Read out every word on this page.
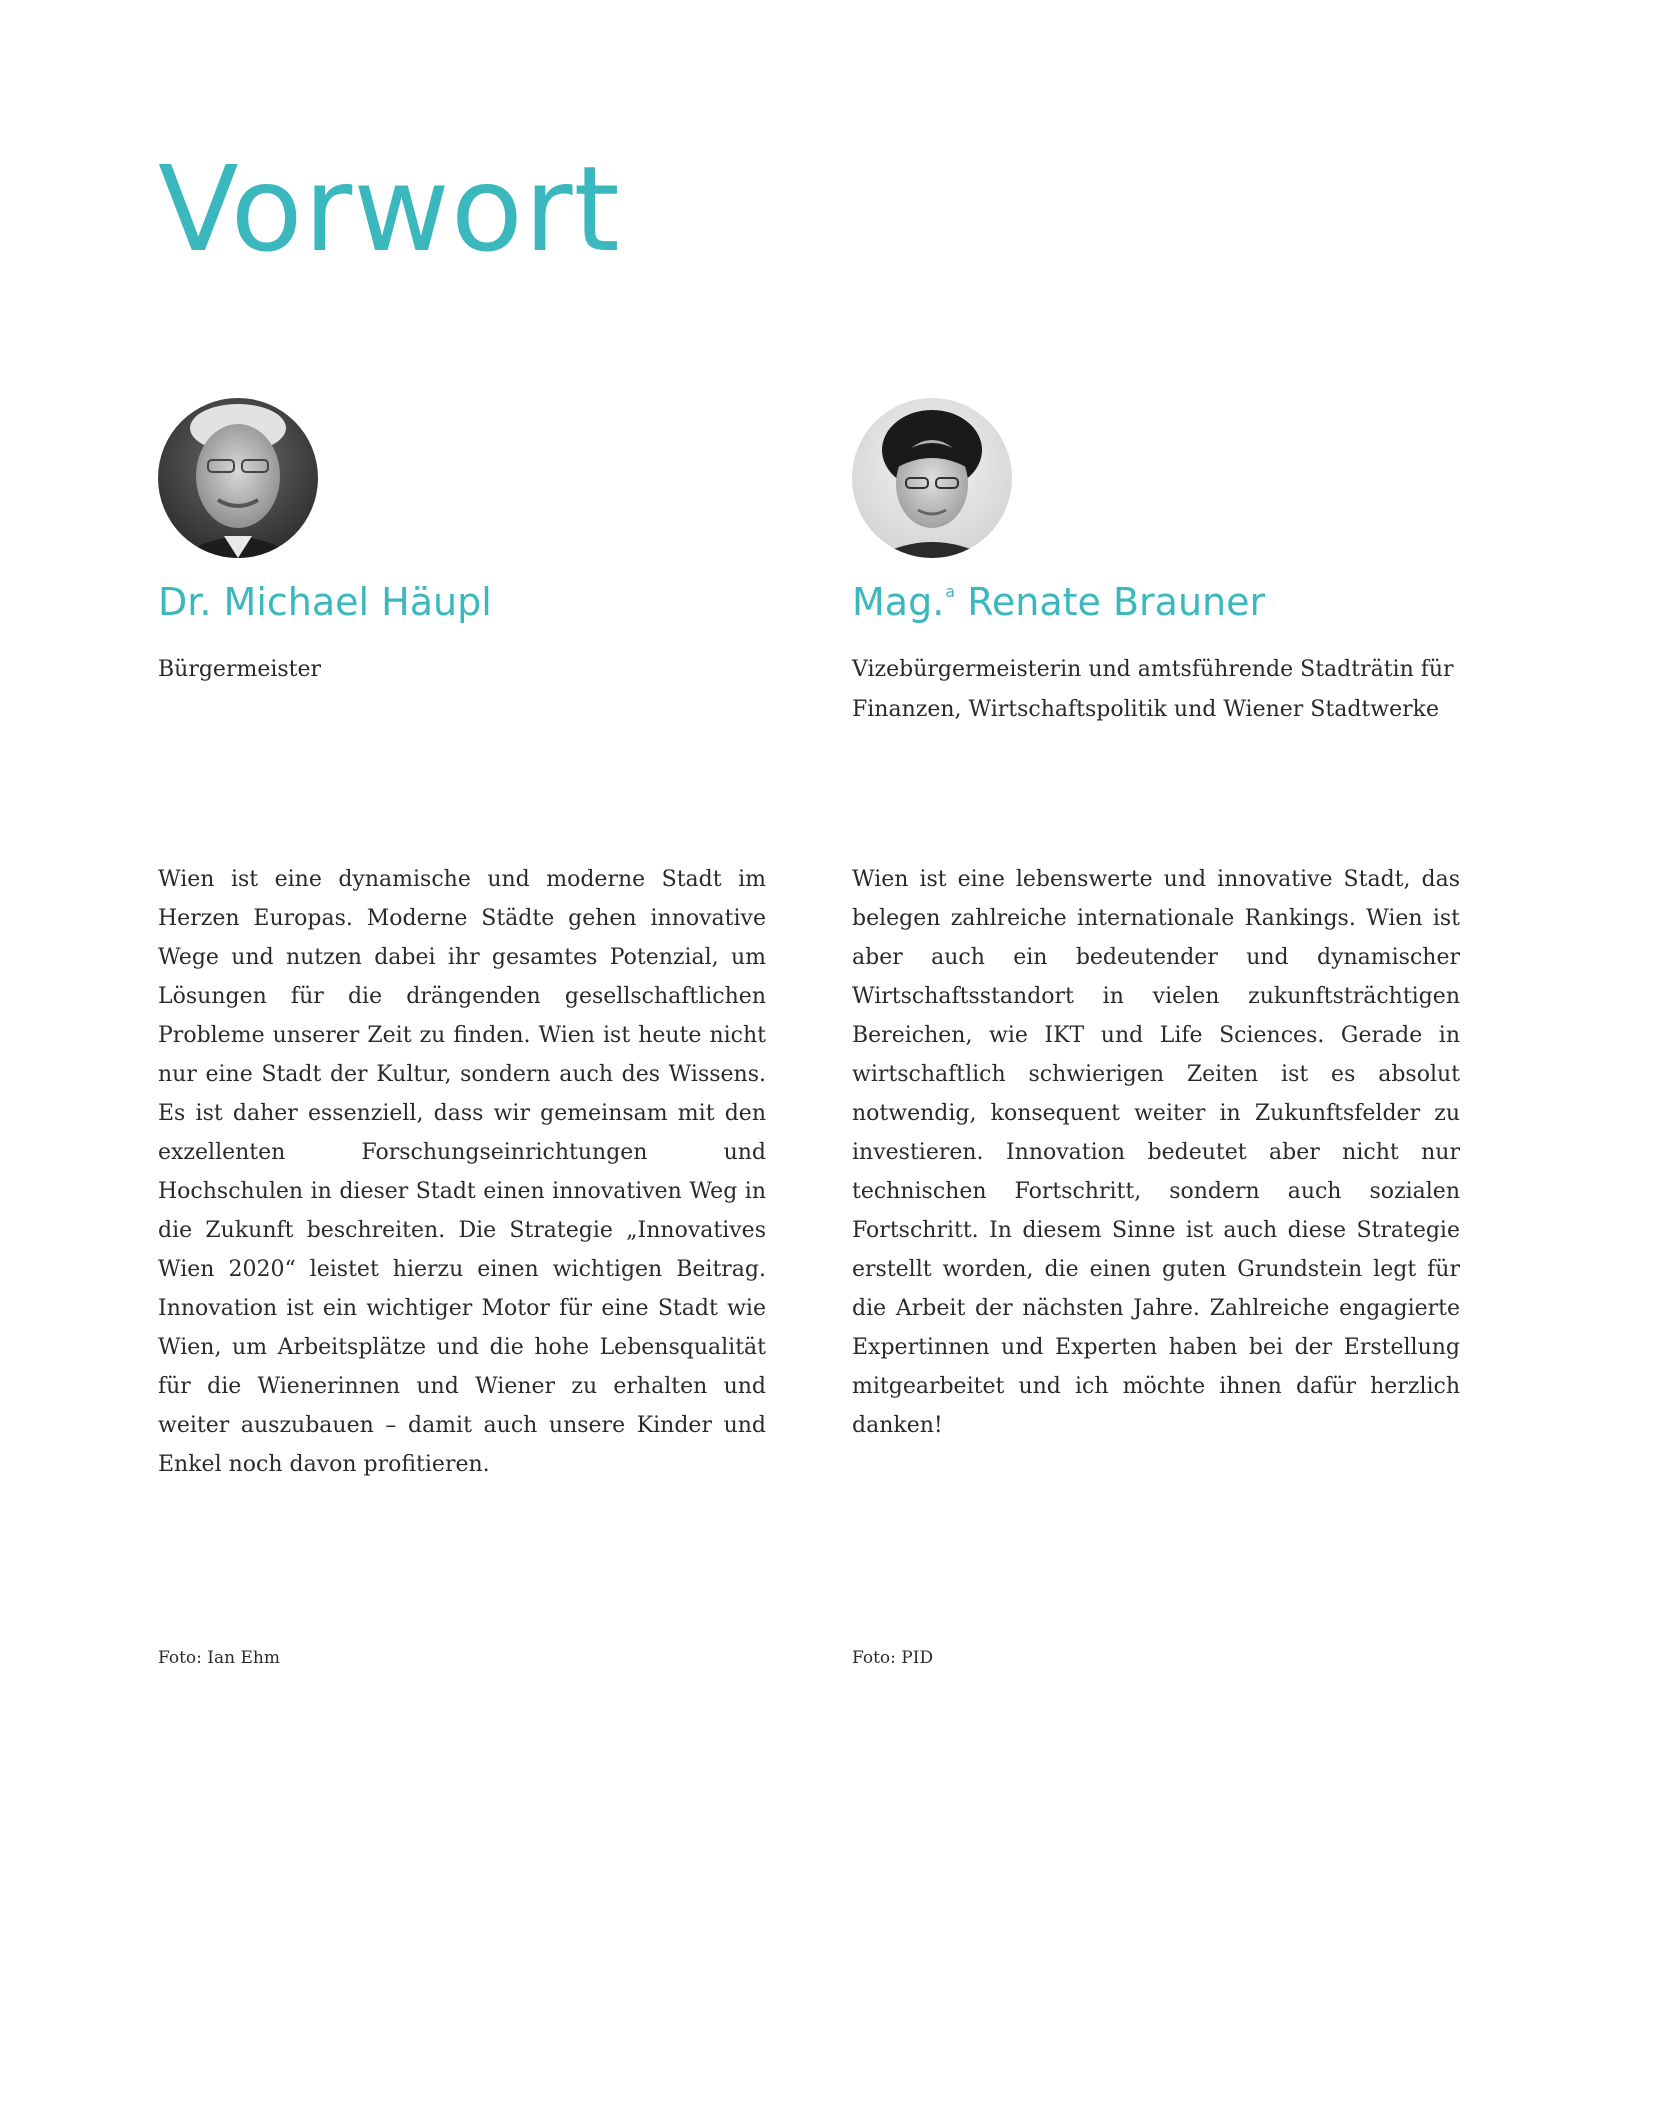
Vorwort
Dr. Michael Häupl

Bürgermeister

Mag.$^a$ Renate Brauner

Vizebürgermeisterin und amtsführende Stadträtin für Finanzen, Wirtschaftspolitik und Wiener Stadtwerke

Wien ist eine dynamische und moderne Stadt im Herzen Europas. Moderne Städte gehen innovative Wege und nutzen dabei ihr gesamtes Potenzial, um Lösungen für die drängenden gesellschaftlichen Probleme unserer Zeit zu finden. Wien ist heute nicht nur eine Stadt der Kultur, sondern auch des Wissens. Es ist daher essenziell, dass wir gemeinsam mit den exzellenten Forschungseinrichtungen und Hochschulen in dieser Stadt einen innovativen Weg in die Zukunft beschreiten. Die Strategie „Innovatives Wien 2020“ leistet hierzu einen wichtigen Beitrag. Innovation ist ein wichtiger Motor für eine Stadt wie Wien, um Arbeitsplätze und die hohe Lebensqualität für die Wienerinnen und Wiener zu erhalten und weiter auszubauen – damit auch unsere Kinder und Enkel noch davon profitieren.

Wien ist eine lebenswerte und innovative Stadt, das belegen zahlreiche internationale Rankings. Wien ist aber auch ein bedeutender und dynamischer Wirtschaftsstandort in vielen zukunftsträchtigen Bereichen, wie IKT und Life Sciences. Gerade in wirtschaftlich schwierigen Zeiten ist es absolut notwendig, konsequent weiter in Zukunftsfelder zu investieren. Innovation bedeutet aber nicht nur technischen Fortschritt, sondern auch sozialen Fortschritt. In diesem Sinne ist auch diese Strategie erstellt worden, die einen guten Grundstein legt für die Arbeit der nächsten Jahre. Zahlreiche engagierte Expertinnen und Experten haben bei der Erstellung mitgearbeitet und ich möchte ihnen dafür herzlich danken!

Foto: Ian Ehm	Foto: PID
